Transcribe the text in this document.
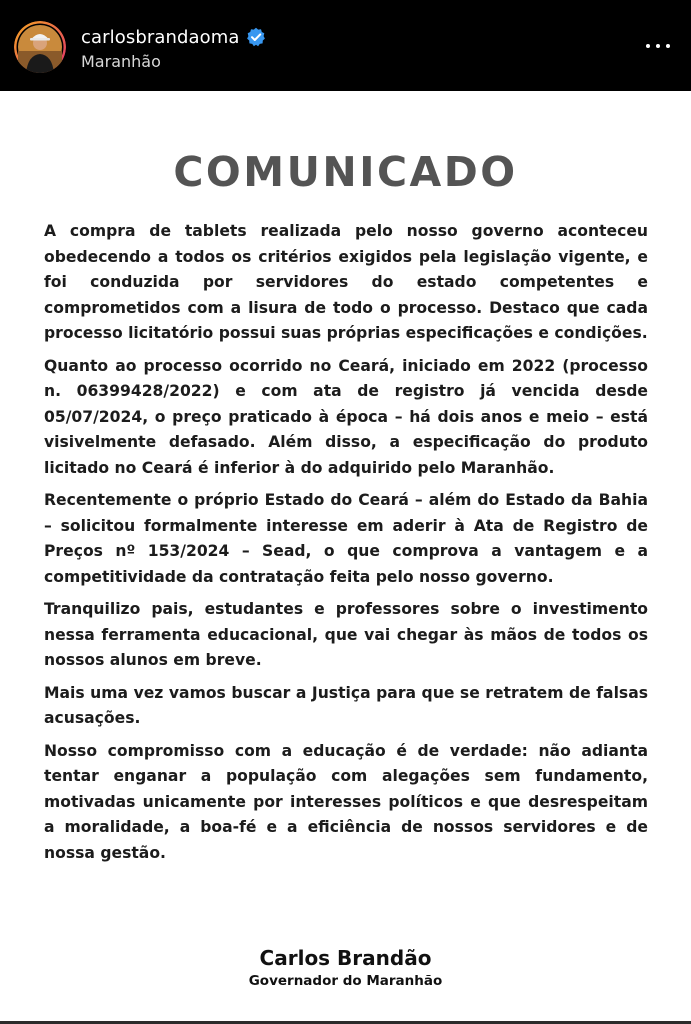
carlosbrandaoma
Maranhão
COMUNICADO

A compra de tablets realizada pelo nosso governo aconteceu obedecendo a todos os critérios exigidos pela legislação vigente, e foi conduzida por servidores do estado competentes e comprometidos com a lisura de todo o processo. Destaco que cada processo licitatório possui suas próprias especificações e condições.

Quanto ao processo ocorrido no Ceará, iniciado em 2022 (processo n. 06399428/2022) e com ata de registro já vencida desde 05/07/2024, o preço praticado à época – há dois anos e meio – está visivelmente defasado. Além disso, a especificação do produto licitado no Ceará é inferior à do adquirido pelo Maranhão.

Recentemente o próprio Estado do Ceará – além do Estado da Bahia – solicitou formalmente interesse em aderir à Ata de Registro de Preços nº 153/2024 – Sead, o que comprova a vantagem e a competitividade da contratação feita pelo nosso governo.

Tranquilizo pais, estudantes e professores sobre o investimento nessa ferramenta educacional, que vai chegar às mãos de todos os nossos alunos em breve.

Mais uma vez vamos buscar a Justiça para que se retratem de falsas acusações.

Nosso compromisso com a educação é de verdade: não adianta tentar enganar a população com alegações sem fundamento, motivadas unicamente por interesses políticos e que desrespeitam a moralidade, a boa-fé e a eficiência de nossos servidores e de nossa gestão.

Carlos Brandão
Governador do Maranhão
